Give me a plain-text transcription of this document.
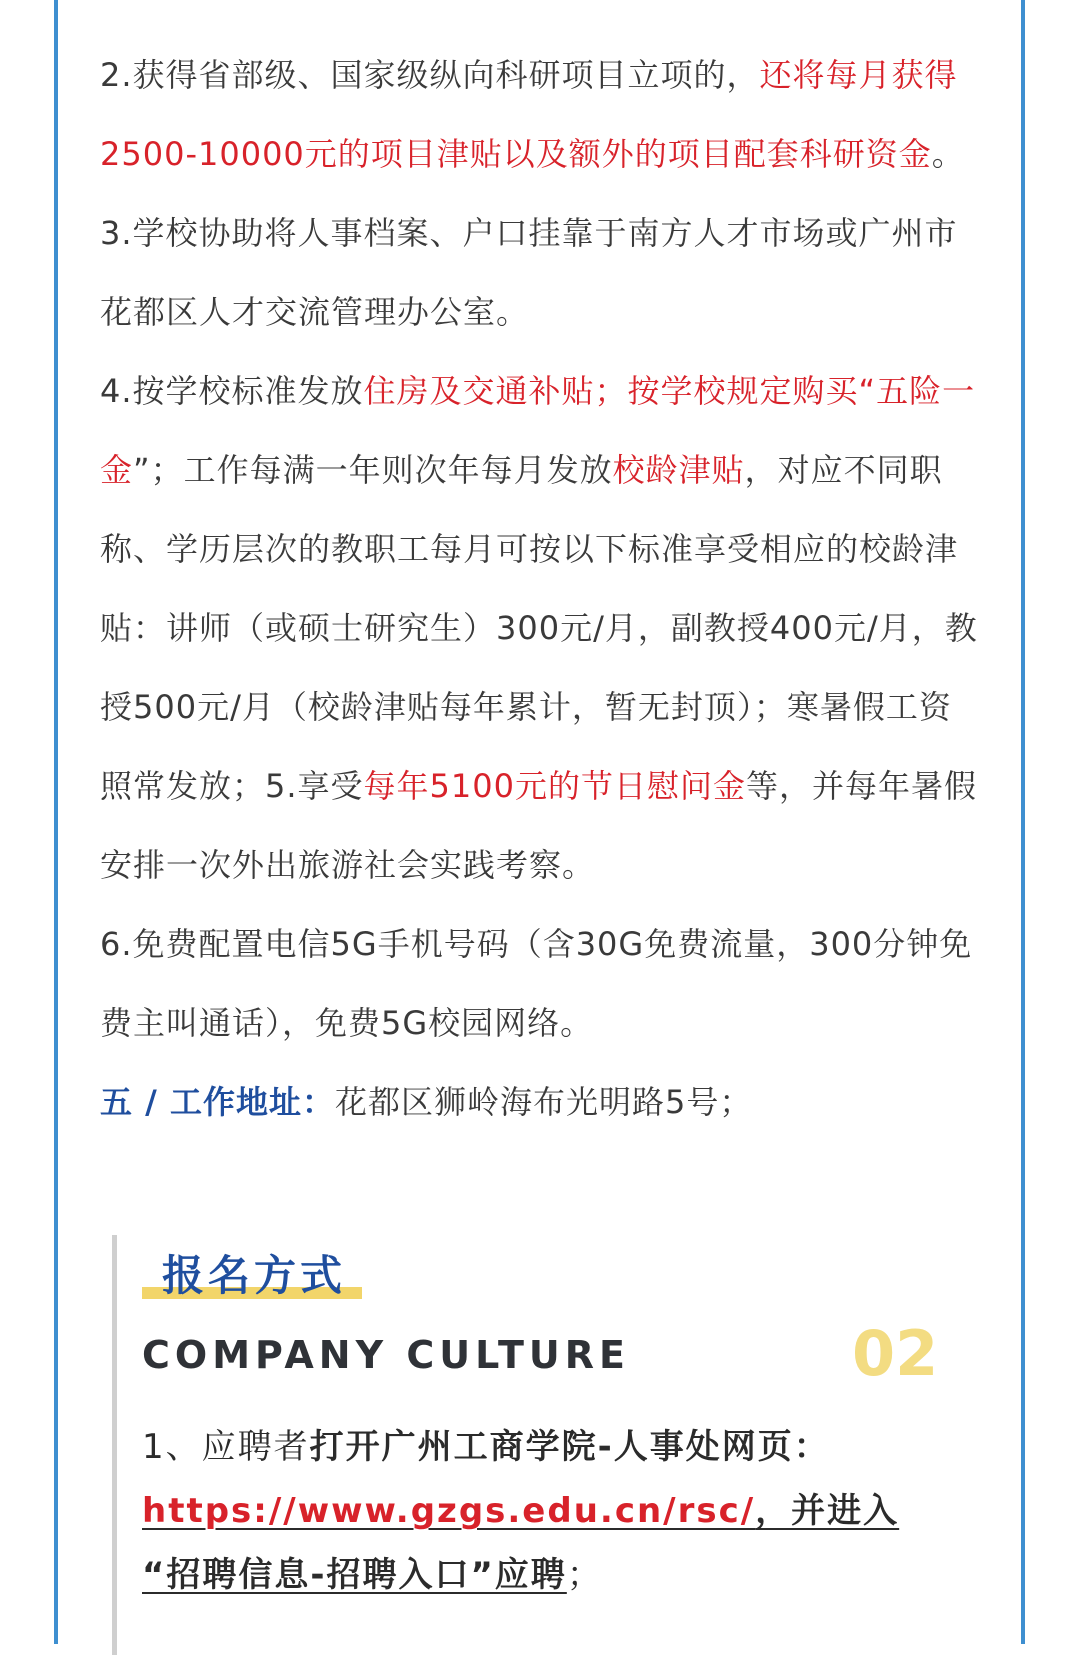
2.获得省部级、国家级纵向科研项目立项的，还将每月获得2500-10000元的项目津贴以及额外的项目配套科研资金。

3.学校协助将人事档案、户口挂靠于南方人才市场或广州市花都区人才交流管理办公室。

4.按学校标准发放住房及交通补贴；按学校规定购买“五险一金”；工作每满一年则次年每月发放校龄津贴，对应不同职称、学历层次的教职工每月可按以下标准享受相应的校龄津贴：讲师（或硕士研究生）300元/月，副教授400元/月，教授500元/月（校龄津贴每年累计，暂无封顶）；寒暑假工资照常发放；5.享受每年5100元的节日慰问金等，并每年暑假安排一次外出旅游社会实践考察。

6.免费配置电信5G手机号码（含30G免费流量，300分钟免费主叫通话），免费5G校园网络。

五 / 工作地址：花都区狮岭海布光明路5号；

报名方式
COMPANY CULTURE	02
1、应聘者打开广州工商学院-人事处网页：
https://www.gzgs.edu.cn/rsc/，并进入
“招聘信息-招聘入口”应聘；
